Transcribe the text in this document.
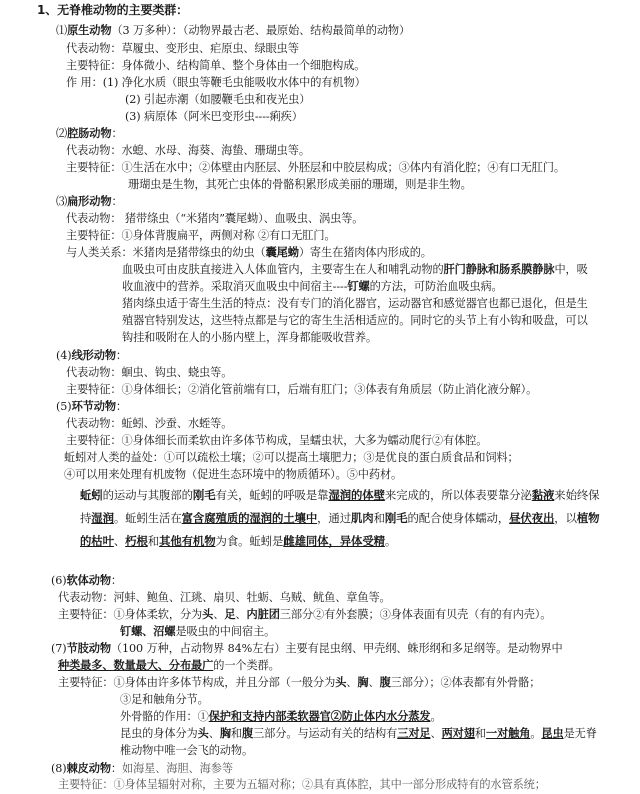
1、无脊椎动物的主要类群：
⑴原生动物（3 万多种）：（动物界最古老、最原始、结构最简单的动物）
代表动物：草履虫、变形虫、疟原虫、绿眼虫等
主要特征：身体微小、结构简单、整个身体由一个细胞构成。
作 用：(1) 净化水质（眼虫等鞭毛虫能吸收水体中的有机物）
(2) 引起赤潮（如腰鞭毛虫和夜光虫）
(3) 病原体（阿米巴变形虫----痢疾）
⑵腔肠动物：
代表动物：水螅、水母、海葵、海蛰、珊瑚虫等。
主要特征：①生活在水中；②体壁由内胚层、外胚层和中胶层构成；③体内有消化腔；④有口无肛门。
珊瑚虫是生物，其死亡虫体的骨骼积累形成美丽的珊瑚，则是非生物。
⑶扁形动物：
代表动物： 猪带绦虫（“米猪肉”囊尾蚴）、血吸虫、涡虫等。
主要特征：①身体背腹扁平，两侧对称 ②有口无肛门。
与人类关系：米猪肉是猪带绦虫的幼虫（囊尾蚴）寄生在猪肉体内形成的。
血吸虫可由皮肤直接进入人体血管内，主要寄生在人和哺乳动物的肝门静脉和肠系膜静脉中，吸
收血液中的营养。采取消灭血吸虫中间宿主----钉螺的方法，可防治血吸虫病。
猪肉绦虫适于寄生生活的特点：没有专门的消化器官，运动器官和感觉器官也都已退化，但是生
殖器官特别发达，这些特点都是与它的寄生生活相适应的。同时它的头节上有小钩和吸盘，可以
钩挂和吸附在人的小肠内壁上，浑身都能吸收营养。
(4)线形动物：
代表动物：蛔虫、钩虫、蛲虫等。
主要特征：①身体细长；②消化管前端有口，后端有肛门；③体表有角质层（防止消化液分解）。
(5)环节动物：
代表动物：蚯蚓、沙蚕、水蛭等。
主要特征：①身体细长而柔软由许多体节构成，呈蠕虫状，大多为蠕动爬行②有体腔。
蚯蚓对人类的益处：①可以疏松土壤；②可以提高土壤肥力；③是优良的蛋白质食品和饲料；
④可以用来处理有机废物（促进生态环境中的物质循环）。⑤中药材。
蚯蚓的运动与其腹部的刚毛有关，蚯蚓的呼吸是靠湿润的体壁来完成的，所以体表要靠分泌黏液来始终保
持湿润。蚯蚓生活在富含腐殖质的湿润的土壤中，通过肌肉和刚毛的配合使身体蠕动，昼伏夜出，以植物
的枯叶、朽根和其他有机物为食。蚯蚓是雌雄同体，异体受精。
(6)软体动物：
代表动物：河蚌、鲍鱼、江珧、扇贝、牡蛎、乌贼、鱿鱼、章鱼等。
主要特征：①身体柔软，分为头、足、内脏团三部分②有外套膜；③身体表面有贝壳（有的有内壳）。
钉螺、沼螺是吸虫的中间宿主。
(7)节肢动物（100 万种，占动物界 84%左右）主要有昆虫纲、甲壳纲、蛛形纲和多足纲等。是动物界中
种类最多、数量最大、分布最广的一个类群。
主要特征：①身体由许多体节构成，并且分部（一般分为头、胸、腹三部分）；②体表都有外骨骼；
③足和触角分节。
外骨骼的作用：①保护和支持内部柔软器官②防止体内水分蒸发。
昆虫的身体分为头、胸和腹三部分。与运动有关的结构有三对足、两对翅和一对触角。昆虫是无脊
椎动物中唯一会飞的动物。
(8)棘皮动物：如海星、海胆、海参等
主要特征：①身体呈辐射对称，主要为五辐对称；②具有真体腔，其中一部分形成特有的水管系统；
